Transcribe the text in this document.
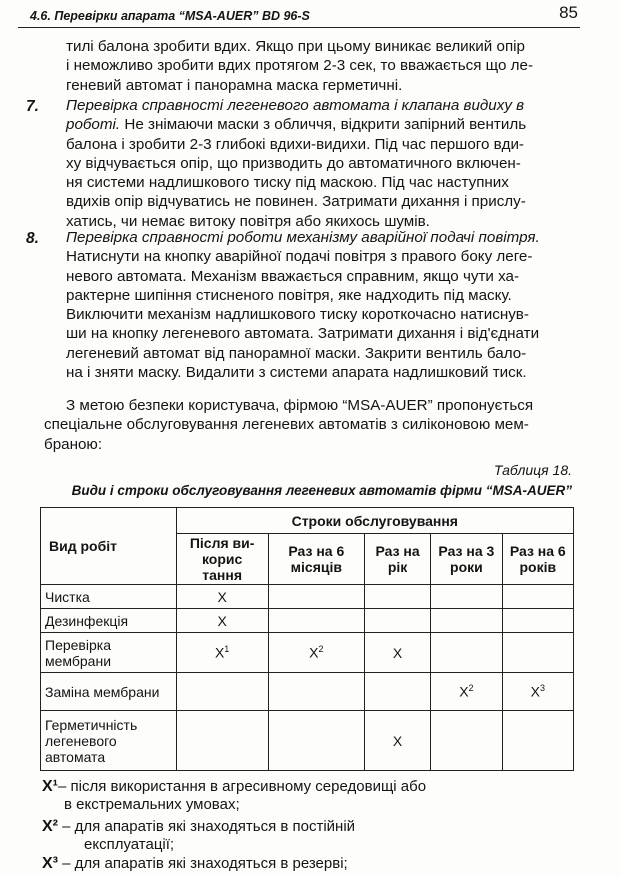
4.6. Перевірки апарата “MSA-AUER” BD 96-S	85
тилі балона зробити вдих. Якщо при цьому виникає великий опір
і неможливо зробити вдих протягом 2-3 сек, то вважається що ле-
геневий автомат і панорамна маска герметичні.
7. Перевірка справності легеневого автомата і клапана видиху в
роботі. Не знімаючи маски з обличчя, відкрити запірний вентиль
балона і зробити 2-3 глибокі вдихи-видихи. Під час першого вди-
ху відчувається опір, що призводить до автоматичного включен-
ня системи надлишкового тиску під маскою. Під час наступних
вдихів опір відчуватись не повинен. Затримати дихання і прислу-
хатись, чи немає витоку повітря або якихось шумів.
8. Перевірка справності роботи механізму аварійної подачі повітря.
Натиснути на кнопку аварійної подачі повітря з правого боку леге-
невого автомата. Механізм вважається справним, якщо чути ха-
рактерне шипіння стисненого повітря, яке надходить під маску.
Виключити механізм надлишкового тиску короткочасно натиснув-
ши на кнопку легеневого автомата. Затримати дихання і від'єднати
легеневий автомат від панорамної маски. Закрити вентиль бало-
на і зняти маску. Видалити з системи апарата надлишковий тиск.
З метою безпеки користувача, фірмою “MSA-AUER” пропонується
спеціальне обслуговування легеневих автоматів з силіконовою мем-
браною:
Таблиця 18.
Види і строки обслуговування легеневих автоматів фірми “MSA-AUER”
Вид робіт	Строки обслуговування				
	Після ви-корис тання	Раз на 6 місяців	Раз на рік	Раз на 3 роки	Раз на 6 років
Чистка	X				
Дезинфекція	X				
Перевірка мембрани	$X^1$	$X^2$	X		
Заміна мембрани				$X^2$	$X^3$
Герметичність легеневого автомата			X		
X¹– після використання в агресивному середовищі або
в екстремальних умовах;
X² – для апаратів які знаходяться в постійній
експлуатації;
X³ – для апаратів які знаходяться в резерві;
